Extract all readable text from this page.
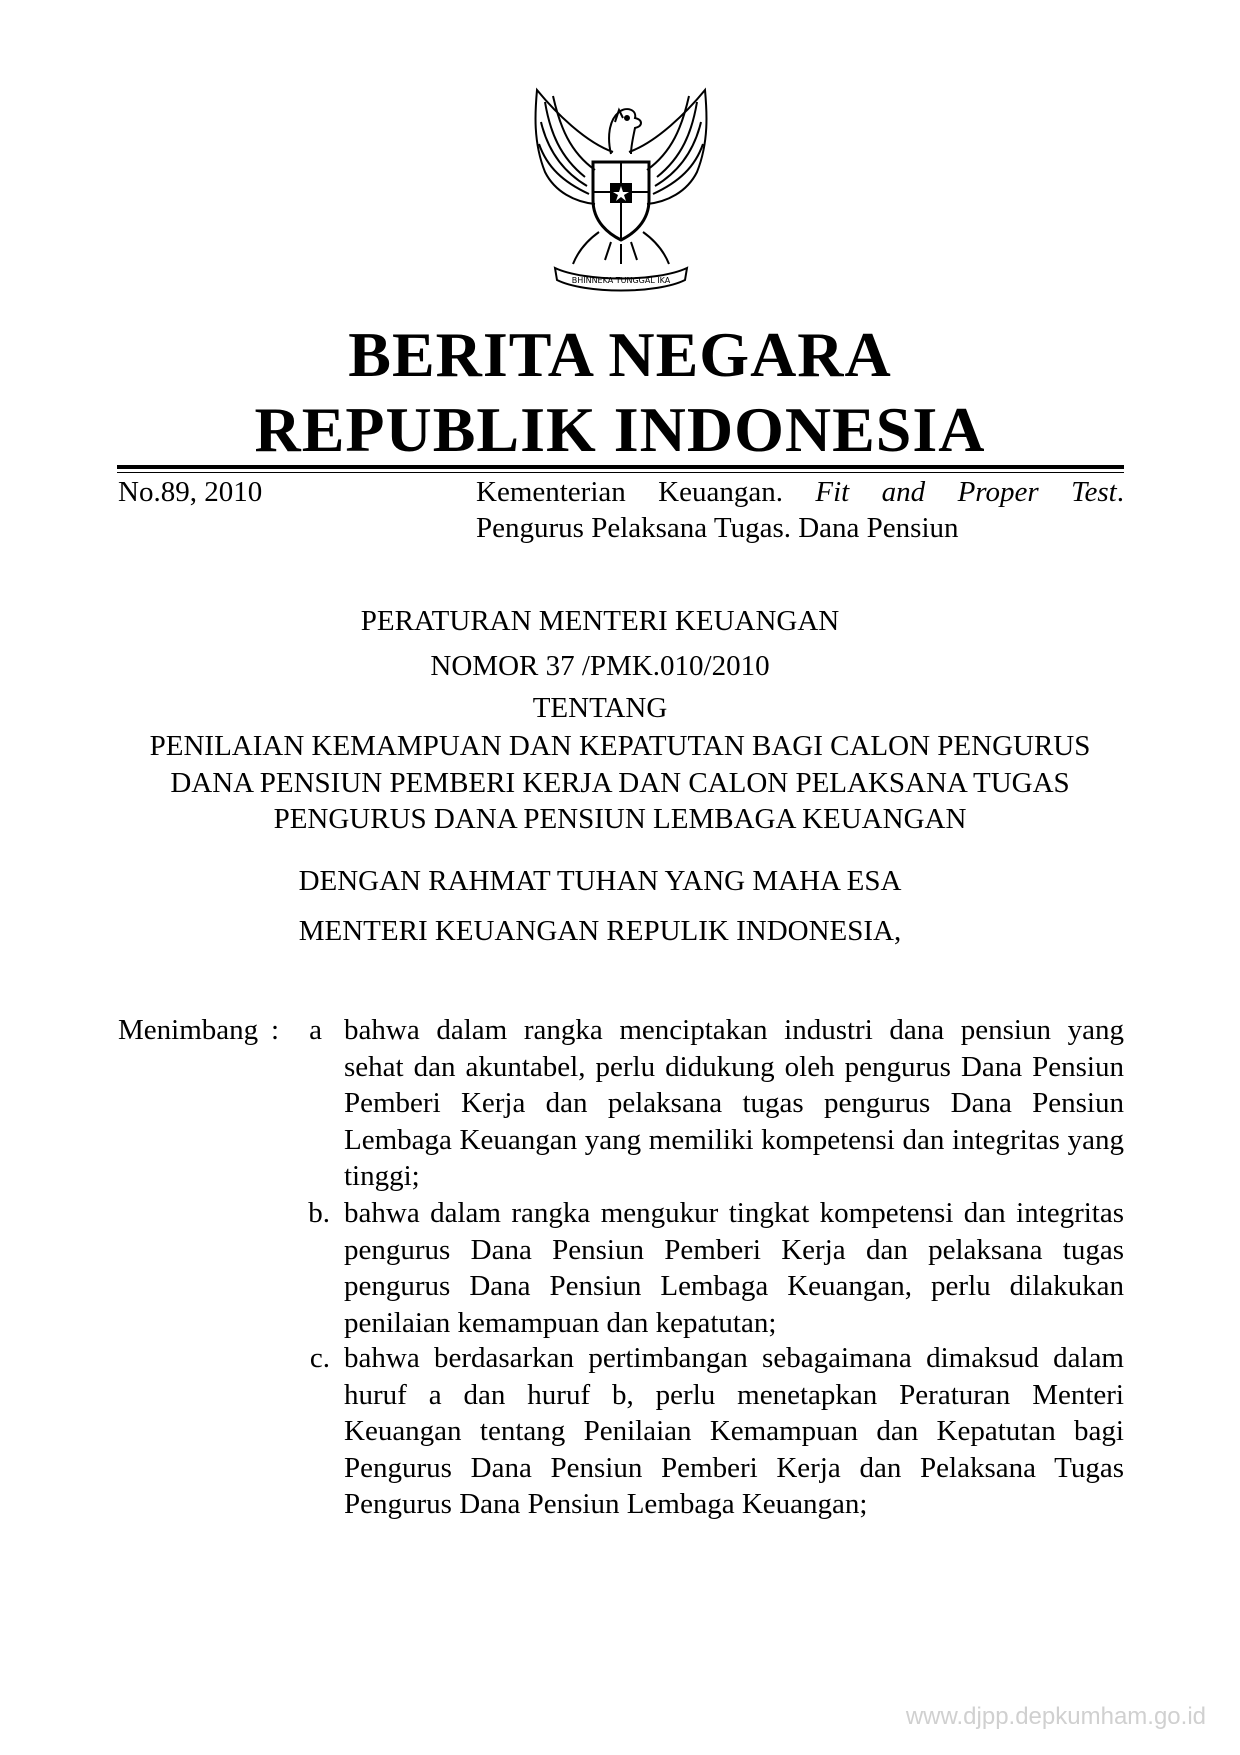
BHINNEKA TUNGGAL IKA
BERITA NEGARA
REPUBLIK INDONESIA
No.89, 2010	Kementerian Keuangan. Fit and Proper Test.
Pengurus Pelaksana Tugas. Dana Pensiun
PERATURAN MENTERI KEUANGAN
NOMOR 37 /PMK.010/2010
TENTANG
PENILAIAN KEMAMPUAN DAN KEPATUTAN BAGI CALON PENGURUS
DANA PENSIUN PEMBERI KERJA DAN CALON PELAKSANA TUGAS
PENGURUS DANA PENSIUN LEMBAGA KEUANGAN
DENGAN RAHMAT TUHAN YANG MAHA ESA
MENTERI KEUANGAN REPULIK INDONESIA,
Menimbang :	a bahwa dalam rangka menciptakan industri dana pensiun yang sehat dan akuntabel, perlu didukung oleh pengurus Dana Pensiun Pemberi Kerja dan pelaksana tugas pengurus Dana Pensiun Lembaga Keuangan yang memiliki kompetensi dan integritas yang tinggi;
b. bahwa dalam rangka mengukur tingkat kompetensi dan integritas pengurus Dana Pensiun Pemberi Kerja dan pelaksana tugas pengurus Dana Pensiun Lembaga Keuangan, perlu dilakukan penilaian kemampuan dan kepatutan;
c. bahwa berdasarkan pertimbangan sebagaimana dimaksud dalam huruf a dan huruf b, perlu menetapkan Peraturan Menteri Keuangan tentang Penilaian Kemampuan dan Kepatutan bagi Pengurus Dana Pensiun Pemberi Kerja dan Pelaksana Tugas Pengurus Dana Pensiun Lembaga Keuangan;
www.djpp.depkumham.go.id
